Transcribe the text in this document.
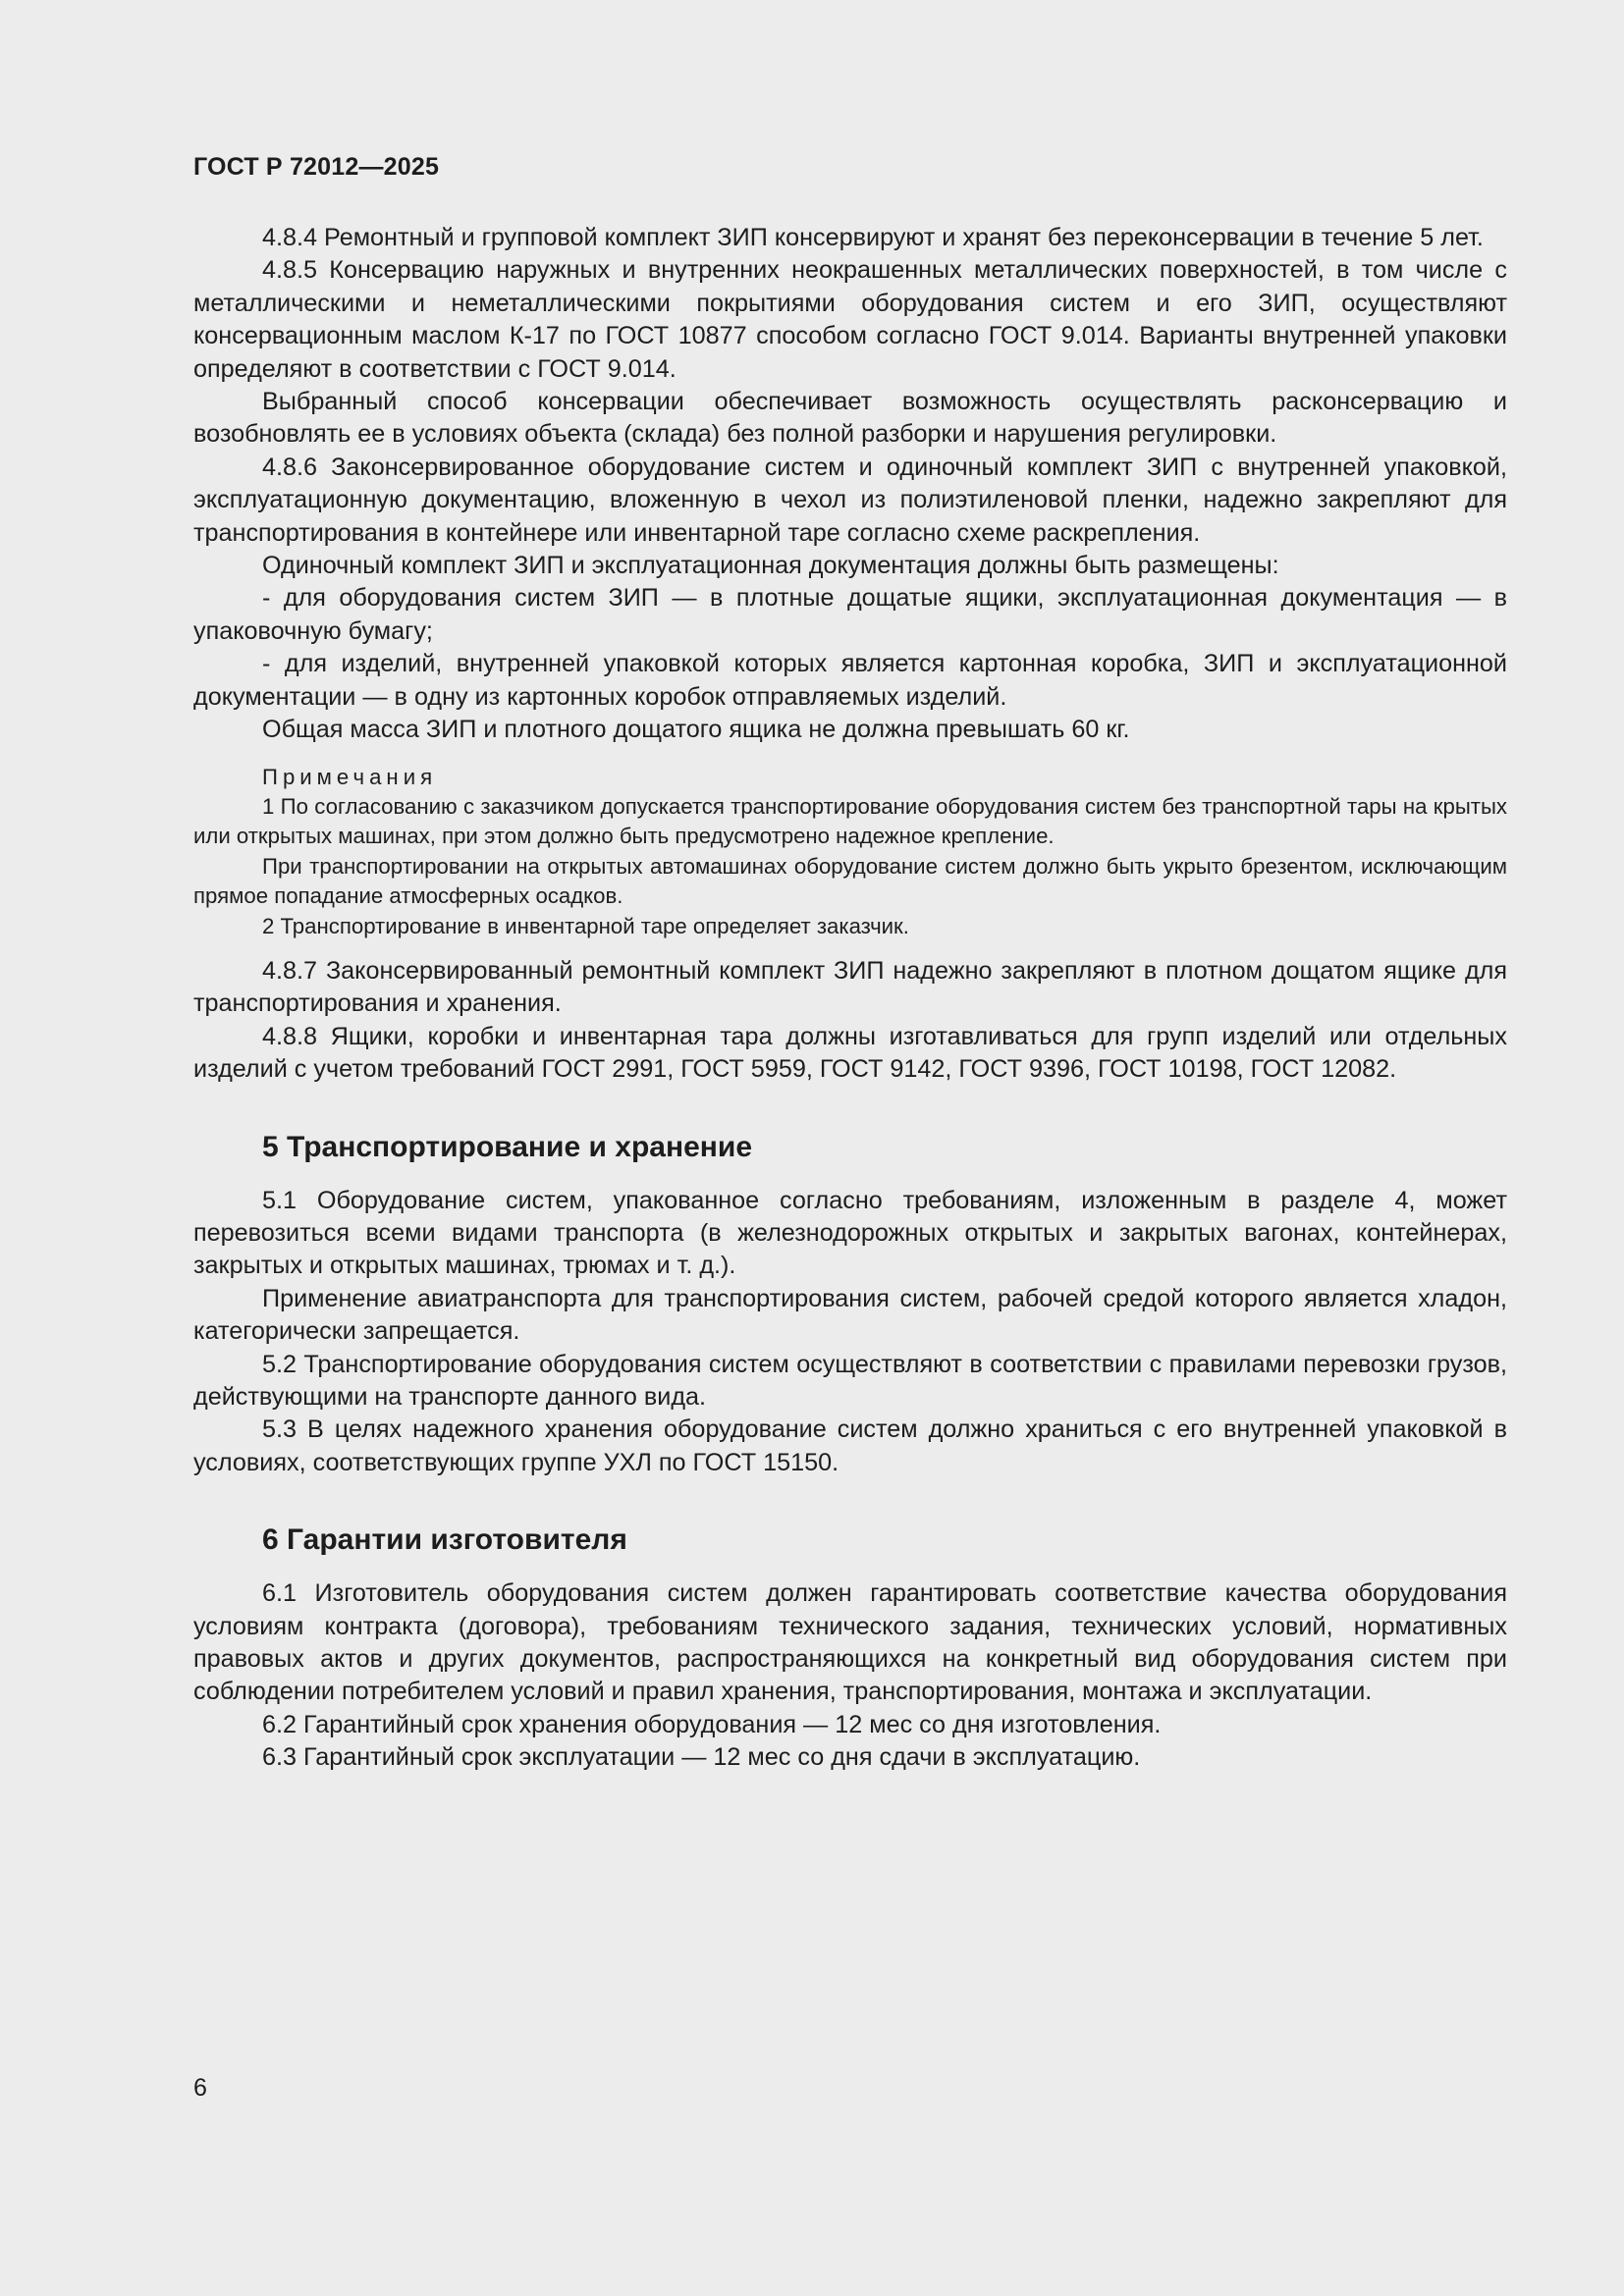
ГОСТ Р 72012—2025

4.8.4 Ремонтный и групповой комплект ЗИП консервируют и хранят без переконсервации в течение 5 лет.

4.8.5 Консервацию наружных и внутренних неокрашенных металлических поверхностей, в том числе с металлическими и неметаллическими покрытиями оборудования систем и его ЗИП, осуществляют консервационным маслом К-17 по ГОСТ 10877 способом согласно ГОСТ 9.014. Варианты внутренней упаковки определяют в соответствии с ГОСТ 9.014.

Выбранный способ консервации обеспечивает возможность осуществлять расконсервацию и возобновлять ее в условиях объекта (склада) без полной разборки и нарушения регулировки.

4.8.6 Законсервированное оборудование систем и одиночный комплект ЗИП с внутренней упаковкой, эксплуатационную документацию, вложенную в чехол из полиэтиленовой пленки, надежно закрепляют для транспортирования в контейнере или инвентарной таре согласно схеме раскрепления.

Одиночный комплект ЗИП и эксплуатационная документация должны быть размещены:

- для оборудования систем ЗИП — в плотные дощатые ящики, эксплуатационная документация — в упаковочную бумагу;

- для изделий, внутренней упаковкой которых является картонная коробка, ЗИП и эксплуатационной документации — в одну из картонных коробок отправляемых изделий.

Общая масса ЗИП и плотного дощатого ящика не должна превышать 60 кг.

Примечания

1 По согласованию с заказчиком допускается транспортирование оборудования систем без транспортной тары на крытых или открытых машинах, при этом должно быть предусмотрено надежное крепление.

При транспортировании на открытых автомашинах оборудование систем должно быть укрыто брезентом, исключающим прямое попадание атмосферных осадков.

2 Транспортирование в инвентарной таре определяет заказчик.

4.8.7 Законсервированный ремонтный комплект ЗИП надежно закрепляют в плотном дощатом ящике для транспортирования и хранения.

4.8.8 Ящики, коробки и инвентарная тара должны изготавливаться для групп изделий или отдельных изделий с учетом требований ГОСТ 2991, ГОСТ 5959, ГОСТ 9142, ГОСТ 9396, ГОСТ 10198, ГОСТ 12082.

5 Транспортирование и хранение

5.1 Оборудование систем, упакованное согласно требованиям, изложенным в разделе 4, может перевозиться всеми видами транспорта (в железнодорожных открытых и закрытых вагонах, контейнерах, закрытых и открытых машинах, трюмах и т. д.).

Применение авиатранспорта для транспортирования систем, рабочей средой которого является хладон, категорически запрещается.

5.2 Транспортирование оборудования систем осуществляют в соответствии с правилами перевозки грузов, действующими на транспорте данного вида.

5.3 В целях надежного хранения оборудование систем должно храниться с его внутренней упаковкой в условиях, соответствующих группе УХЛ по ГОСТ 15150.

6 Гарантии изготовителя

6.1 Изготовитель оборудования систем должен гарантировать соответствие качества оборудования условиям контракта (договора), требованиям технического задания, технических условий, нормативных правовых актов и других документов, распространяющихся на конкретный вид оборудования систем при соблюдении потребителем условий и правил хранения, транспортирования, монтажа и эксплуатации.

6.2 Гарантийный срок хранения оборудования — 12 мес со дня изготовления.

6.3 Гарантийный срок эксплуатации — 12 мес со дня сдачи в эксплуатацию.

6
